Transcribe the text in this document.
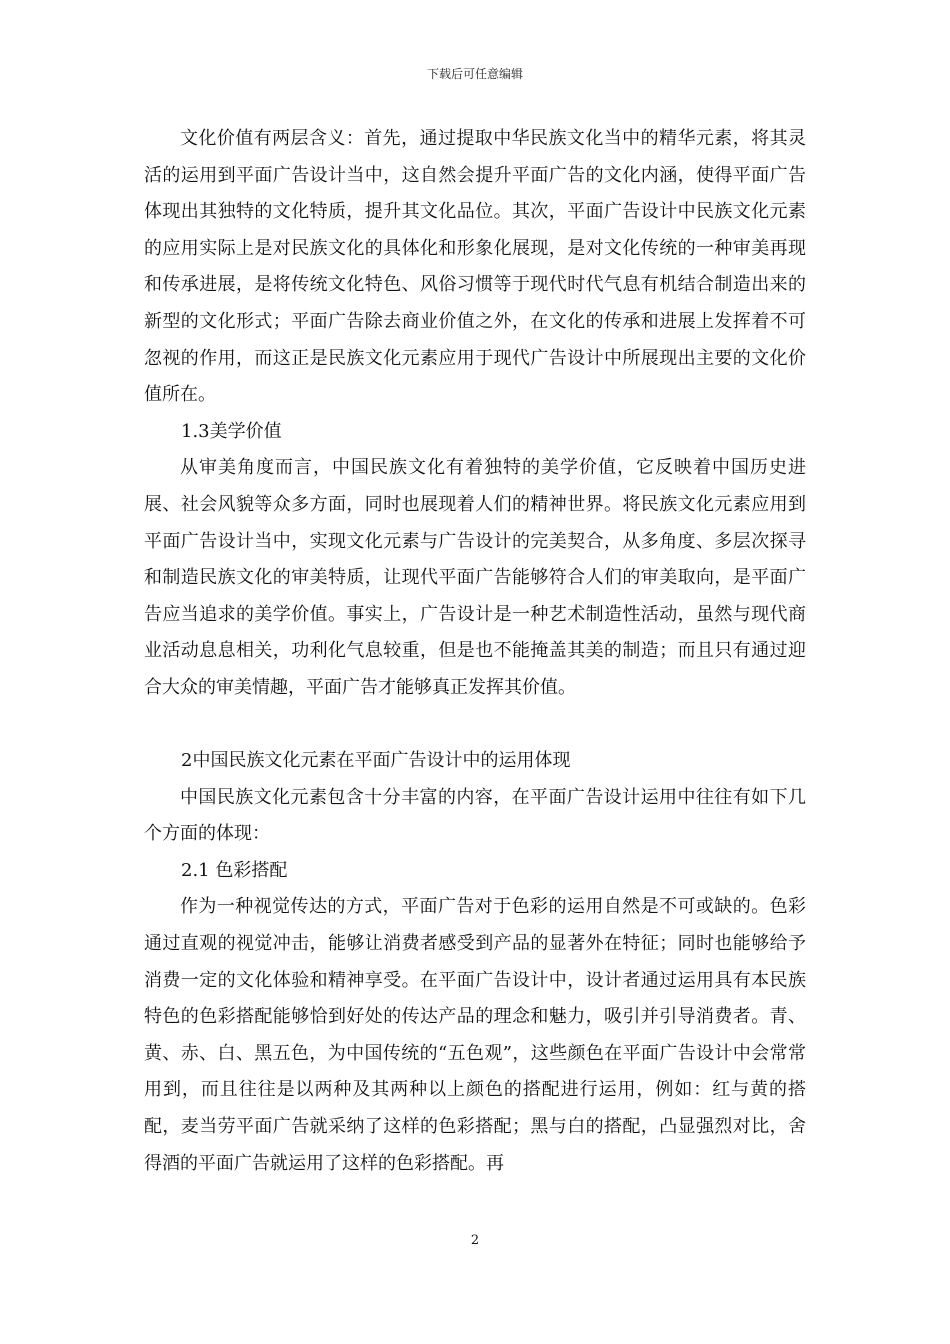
下载后可任意编辑

文化价值有两层含义：首先，通过提取中华民族文化当中的精华元素，将其灵活的运用到平面广告设计当中，这自然会提升平面广告的文化内涵，使得平面广告体现出其独特的文化特质，提升其文化品位。其次，平面广告设计中民族文化元素的应用实际上是对民族文化的具体化和形象化展现，是对文化传统的一种审美再现和传承进展，是将传统文化特色、风俗习惯等于现代时代气息有机结合制造出来的新型的文化形式；平面广告除去商业价值之外，在文化的传承和进展上发挥着不可忽视的作用，而这正是民族文化元素应用于现代广告设计中所展现出主要的文化价值所在。

1.3美学价值

从审美角度而言，中国民族文化有着独特的美学价值，它反映着中国历史进展、社会风貌等众多方面，同时也展现着人们的精神世界。将民族文化元素应用到平面广告设计当中，实现文化元素与广告设计的完美契合，从多角度、多层次探寻和制造民族文化的审美特质，让现代平面广告能够符合人们的审美取向，是平面广告应当追求的美学价值。事实上，广告设计是一种艺术制造性活动，虽然与现代商业活动息息相关，功利化气息较重，但是也不能掩盖其美的制造；而且只有通过迎合大众的审美情趣，平面广告才能够真正发挥其价值。

2中国民族文化元素在平面广告设计中的运用体现

中国民族文化元素包含十分丰富的内容，在平面广告设计运用中往往有如下几个方面的体现：

2.1 色彩搭配

作为一种视觉传达的方式，平面广告对于色彩的运用自然是不可或缺的。色彩通过直观的视觉冲击，能够让消费者感受到产品的显著外在特征；同时也能够给予消费一定的文化体验和精神享受。在平面广告设计中，设计者通过运用具有本民族特色的色彩搭配能够恰到好处的传达产品的理念和魅力，吸引并引导消费者。青、黄、赤、白、黑五色，为中国传统的“五色观”，这些颜色在平面广告设计中会常常用到，而且往往是以两种及其两种以上颜色的搭配进行运用，例如：红与黄的搭配，麦当劳平面广告就采纳了这样的色彩搭配；黑与白的搭配，凸显强烈对比，舍得酒的平面广告就运用了这样的色彩搭配。再

2
